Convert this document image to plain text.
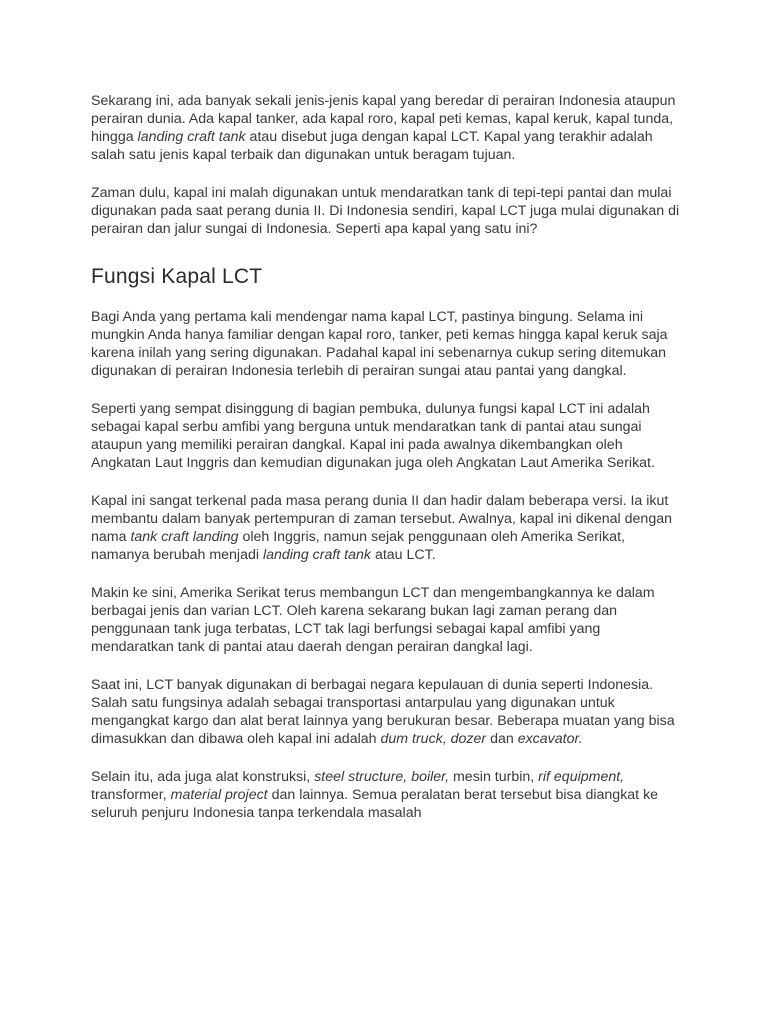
Sekarang ini, ada banyak sekali jenis-jenis kapal yang beredar di perairan Indonesia ataupun perairan dunia. Ada kapal tanker, ada kapal roro, kapal peti kemas, kapal keruk, kapal tunda, hingga landing craft tank atau disebut juga dengan kapal LCT. Kapal yang terakhir adalah salah satu jenis kapal terbaik dan digunakan untuk beragam tujuan.

Zaman dulu, kapal ini malah digunakan untuk mendaratkan tank di tepi-tepi pantai dan mulai digunakan pada saat perang dunia II. Di Indonesia sendiri, kapal LCT juga mulai digunakan di perairan dan jalur sungai di Indonesia. Seperti apa kapal yang satu ini?

Fungsi Kapal LCT

Bagi Anda yang pertama kali mendengar nama kapal LCT, pastinya bingung. Selama ini mungkin Anda hanya familiar dengan kapal roro, tanker, peti kemas hingga kapal keruk saja karena inilah yang sering digunakan. Padahal kapal ini sebenarnya cukup sering ditemukan digunakan di perairan Indonesia terlebih di perairan sungai atau pantai yang dangkal.

Seperti yang sempat disinggung di bagian pembuka, dulunya fungsi kapal LCT ini adalah sebagai kapal serbu amfibi yang berguna untuk mendaratkan tank di pantai atau sungai ataupun yang memiliki perairan dangkal. Kapal ini pada awalnya dikembangkan oleh Angkatan Laut Inggris dan kemudian digunakan juga oleh Angkatan Laut Amerika Serikat.

Kapal ini sangat terkenal pada masa perang dunia II dan hadir dalam beberapa versi. Ia ikut membantu dalam banyak pertempuran di zaman tersebut. Awalnya, kapal ini dikenal dengan nama tank craft landing oleh Inggris, namun sejak penggunaan oleh Amerika Serikat, namanya berubah menjadi landing craft tank atau LCT.

Makin ke sini, Amerika Serikat terus membangun LCT dan mengembangkannya ke dalam berbagai jenis dan varian LCT. Oleh karena sekarang bukan lagi zaman perang dan penggunaan tank juga terbatas, LCT tak lagi berfungsi sebagai kapal amfibi yang mendaratkan tank di pantai atau daerah dengan perairan dangkal lagi.

Saat ini, LCT banyak digunakan di berbagai negara kepulauan di dunia seperti Indonesia. Salah satu fungsinya adalah sebagai transportasi antarpulau yang digunakan untuk mengangkat kargo dan alat berat lainnya yang berukuran besar. Beberapa muatan yang bisa dimasukkan dan dibawa oleh kapal ini adalah dum truck, dozer dan excavator.

Selain itu, ada juga alat konstruksi, steel structure, boiler, mesin turbin, rif equipment, transformer, material project dan lainnya. Semua peralatan berat tersebut bisa diangkat ke seluruh penjuru Indonesia tanpa terkendala masalah
